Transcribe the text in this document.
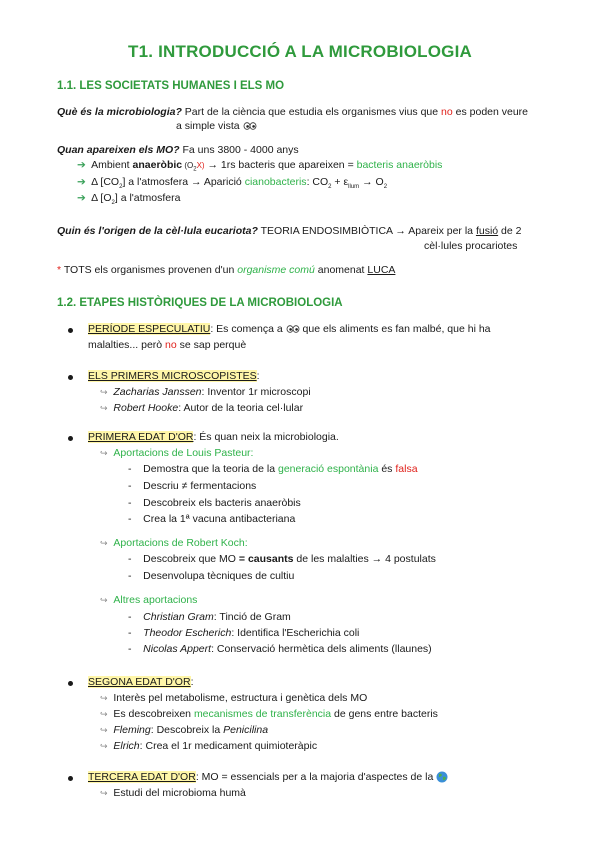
T1. INTRODUCCIÓ A LA MICROBIOLOGIA
1.1. LES SOCIETATS HUMANES I ELS MO
Què és la microbiologia? Part de la ciència que estudia els organismes vius que no es poden veure
a simple vista
Quan apareixen els MO? Fa uns 3800 - 4000 anys
➔ Ambient anaeròbic $(O_2X) \to 1rs$ bacteris que apareixen = bacteris anaeròbis
➔ Δ $[CO_2]$ a l'atmosfera → Aparició cianobacteris: $CO_2 + \varepsilon_{llum} \to O_2$
➔ Δ $[O_2]$ a l'atmosfera
Quin és l'origen de la cèl·lula eucariota? TEORIA ENDOSIMBIÒTICA → Apareix per la fusió de 2
cèl·lules procariotes
* TOTS els organismes provenen d'un organisme comú anomenat LUCA
1.2. ETAPES HISTÒRIQUES DE LA MICROBIOLOGIA
PERÍODE ESPECULATIU: Es comença a  que els aliments es fan malbé, que hi ha
malalties... però no se sap perquè
ELS PRIMERS MICROSCOPISTES:
↪ Zacharias Janssen: Inventor 1r microscopi
↪ Robert Hooke: Autor de la teoria cel·lular
PRIMERA EDAT D'OR: És quan neix la microbiologia.
↪ Aportacions de Louis Pasteur:
-    Demostra que la teoria de la generació espontània és falsa
-    Descriu ≠ fermentacions
-    Descobreix els bacteris anaeròbis
-    Crea la 1ª vacuna antibacteriana
↪ Aportacions de Robert Koch:
-    Descobreix que MO = causants de les malalties → 4 postulats
-    Desenvolupa tècniques de cultiu
↪ Altres aportacions
-    Christian Gram: Tinció de Gram
-    Theodor Escherich: Identifica l'Escherichia coli
-    Nicolas Appert: Conservació hermètica dels aliments (llaunes)
SEGONA EDAT D'OR:
↪ Interès pel metabolisme, estructura i genètica dels MO
↪ Es descobreixen mecanismes de transferència de gens entre bacteris
↪ Fleming: Descobreix la Penicilina
↪ Elrich: Crea el 1r medicament quimioteràpic
TERCERA EDAT D'OR: MO = essencials per a la majoria d'aspectes de la
↪ Estudi del microbioma humà
